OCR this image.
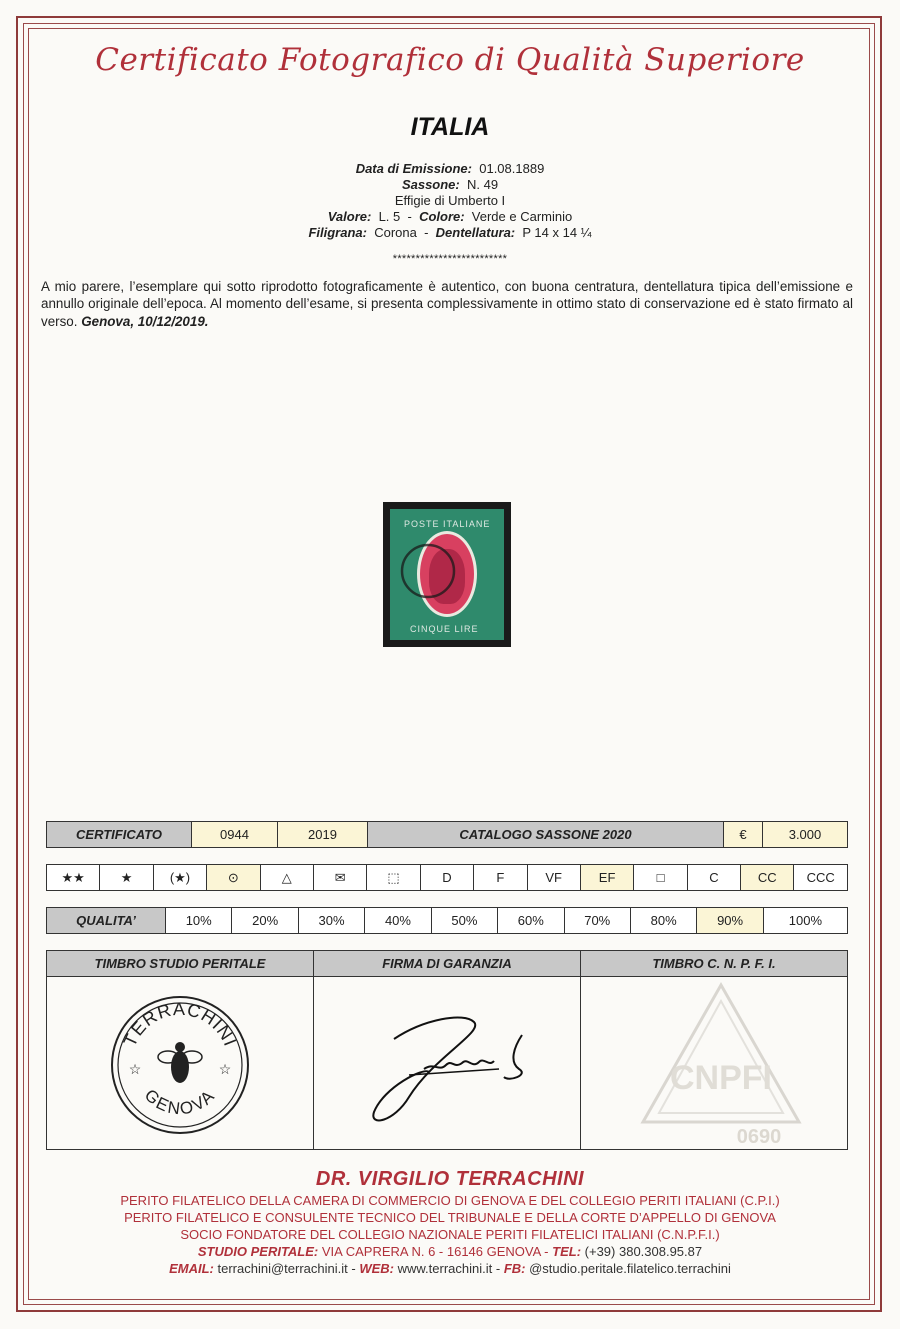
Certificato Fotografico di Qualità Superiore
ITALIA
Data di Emissione: 01.08.1889
Sassone: N. 49
Effigie di Umberto I
Valore: L. 5 - Colore: Verde e Carminio
Filigrana: Corona - Dentellatura: P 14 x 14 ¼
*************************
A mio parere, l’esemplare qui sotto riprodotto fotograficamente è autentico, con buona centratura, dentellatura tipica dell’emissione e annullo originale dell’epoca. Al momento dell’esame, si presenta complessivamente in ottimo stato di conservazione ed è stato firmato al verso. Genova, 10/12/2019.
POSTE ITALIANE
CINQUE LIRE
CERTIFICATO	0944	2019	CATALOGO SASSONE 2020	€	3.000
★★	★	(★)	⊙	△	✉	⬚	D	F	VF	EF	□	C	CC	CCC
QUALITA’	10%	20%	30%	40%	50%	60%	70%	80%	90%	100%
TIMBRO STUDIO PERITALE
TERRACHINI
GENOVA
☆	☆
FIRMA DI GARANZIA	TIMBRO C. N. P. F. I.
CNPFI
0690
DR. VIRGILIO TERRACHINI
PERITO FILATELICO DELLA CAMERA DI COMMERCIO DI GENOVA E DEL COLLEGIO PERITI ITALIANI (C.P.I.)
PERITO FILATELICO E CONSULENTE TECNICO DEL TRIBUNALE E DELLA CORTE D’APPELLO DI GENOVA
SOCIO FONDATORE DEL COLLEGIO NAZIONALE PERITI FILATELICI ITALIANI (C.N.P.F.I.)
STUDIO PERITALE: VIA CAPRERA N. 6 - 16146 GENOVA - TEL: (+39) 380.308.95.87
EMAIL: terrachini@terrachini.it - WEB: www.terrachini.it - FB: @studio.peritale.filatelico.terrachini
